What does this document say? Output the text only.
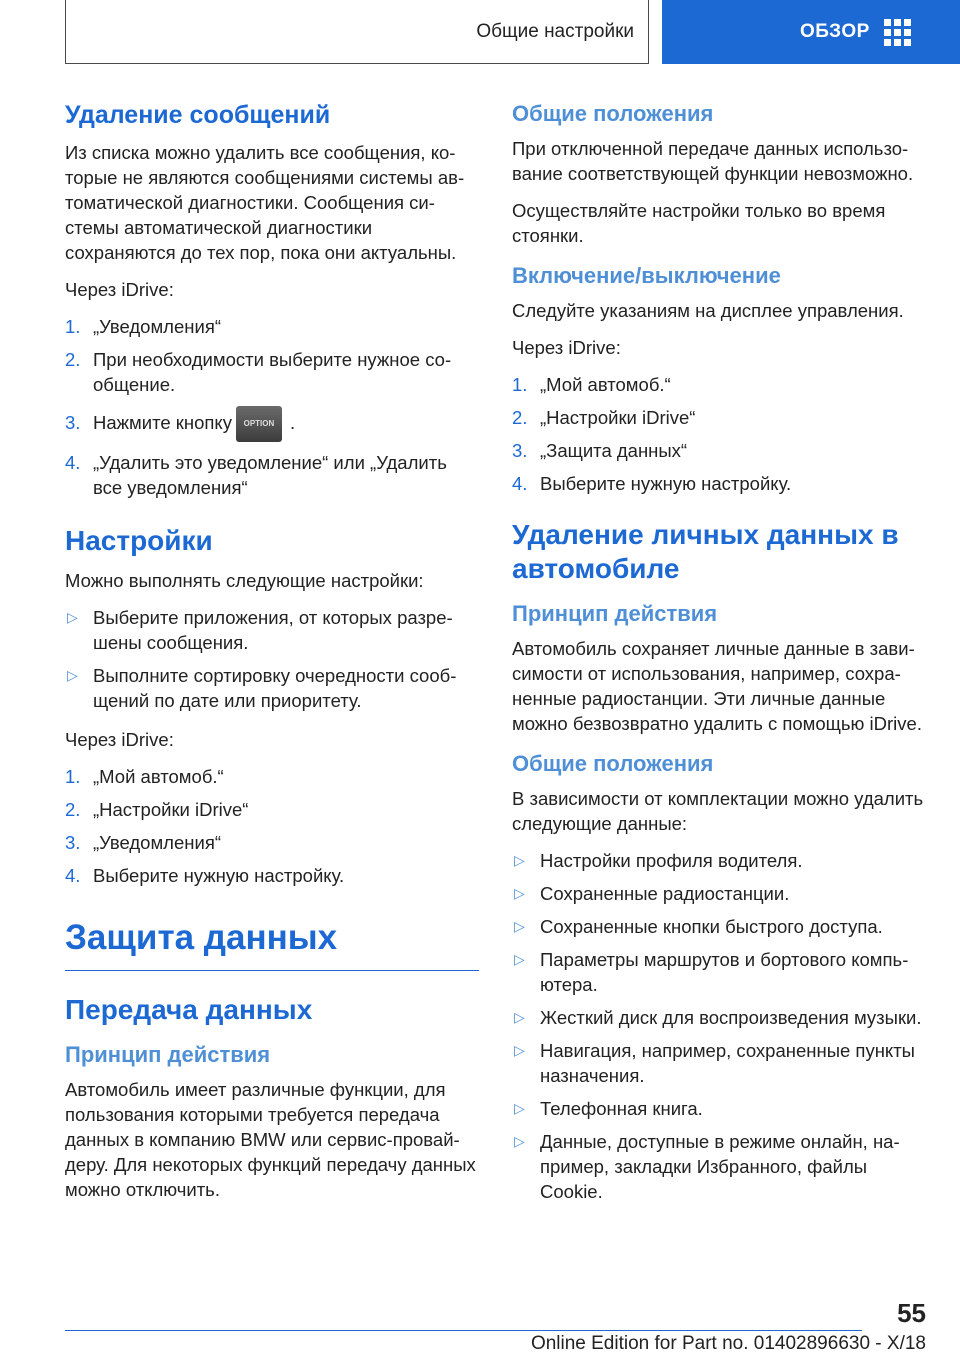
Общие настройки	ОБЗОР
Удаление сообщений

Из списка можно удалить все сообщения, которые не являются сообщениями системы автоматической диагностики. Сообщения системы автоматической диагностики сохраняются до тех пор, пока они актуальны.

Через iDrive:

1. „Уведомления“
2. При необходимости выберите нужное сообщение.
3. Нажмите кнопку OPTION .
4. „Удалить это уведомление“ или „Удалить все уведомления“
Настройки

Можно выполнять следующие настройки:

▷ Выберите приложения, от которых разрешены сообщения.
▷ Выполните сортировку очередности сообщений по дате или приоритету.

Через iDrive:

1. „Мой автомоб.“
2. „Настройки iDrive“
3. „Уведомления“
4. Выберите нужную настройку.
Защита данных
Передача данных
Принцип действия

Автомобиль имеет различные функции, для пользования которыми требуется передача данных в компанию BMW или сервис-провайдеру. Для некоторых функций передачу данных можно отключить.

Общие положения

При отключенной передаче данных использование соответствующей функции невозможно.

Осуществляйте настройки только во время стоянки.

Включение/выключение

Следуйте указаниям на дисплее управления.

Через iDrive:

1. „Мой автомоб.“
2. „Настройки iDrive“
3. „Защита данных“
4. Выберите нужную настройку.
Удаление личных данных в автомобиле
Принцип действия

Автомобиль сохраняет личные данные в зависимости от использования, например, сохраненные радиостанции. Эти личные данные можно безвозвратно удалить с помощью iDrive.

Общие положения

В зависимости от комплектации можно удалить следующие данные:

▷ Настройки профиля водителя.
▷ Сохраненные радиостанции.
▷ Сохраненные кнопки быстрого доступа.
▷ Параметры маршрутов и бортового компьютера.
▷ Жесткий диск для воспроизведения музыки.
▷ Навигация, например, сохраненные пункты назначения.
▷ Телефонная книга.
▷ Данные, доступные в режиме онлайн, например, закладки Избранного, файлы Cookie.
55
Online Edition for Part no. 01402896630 - X/18
